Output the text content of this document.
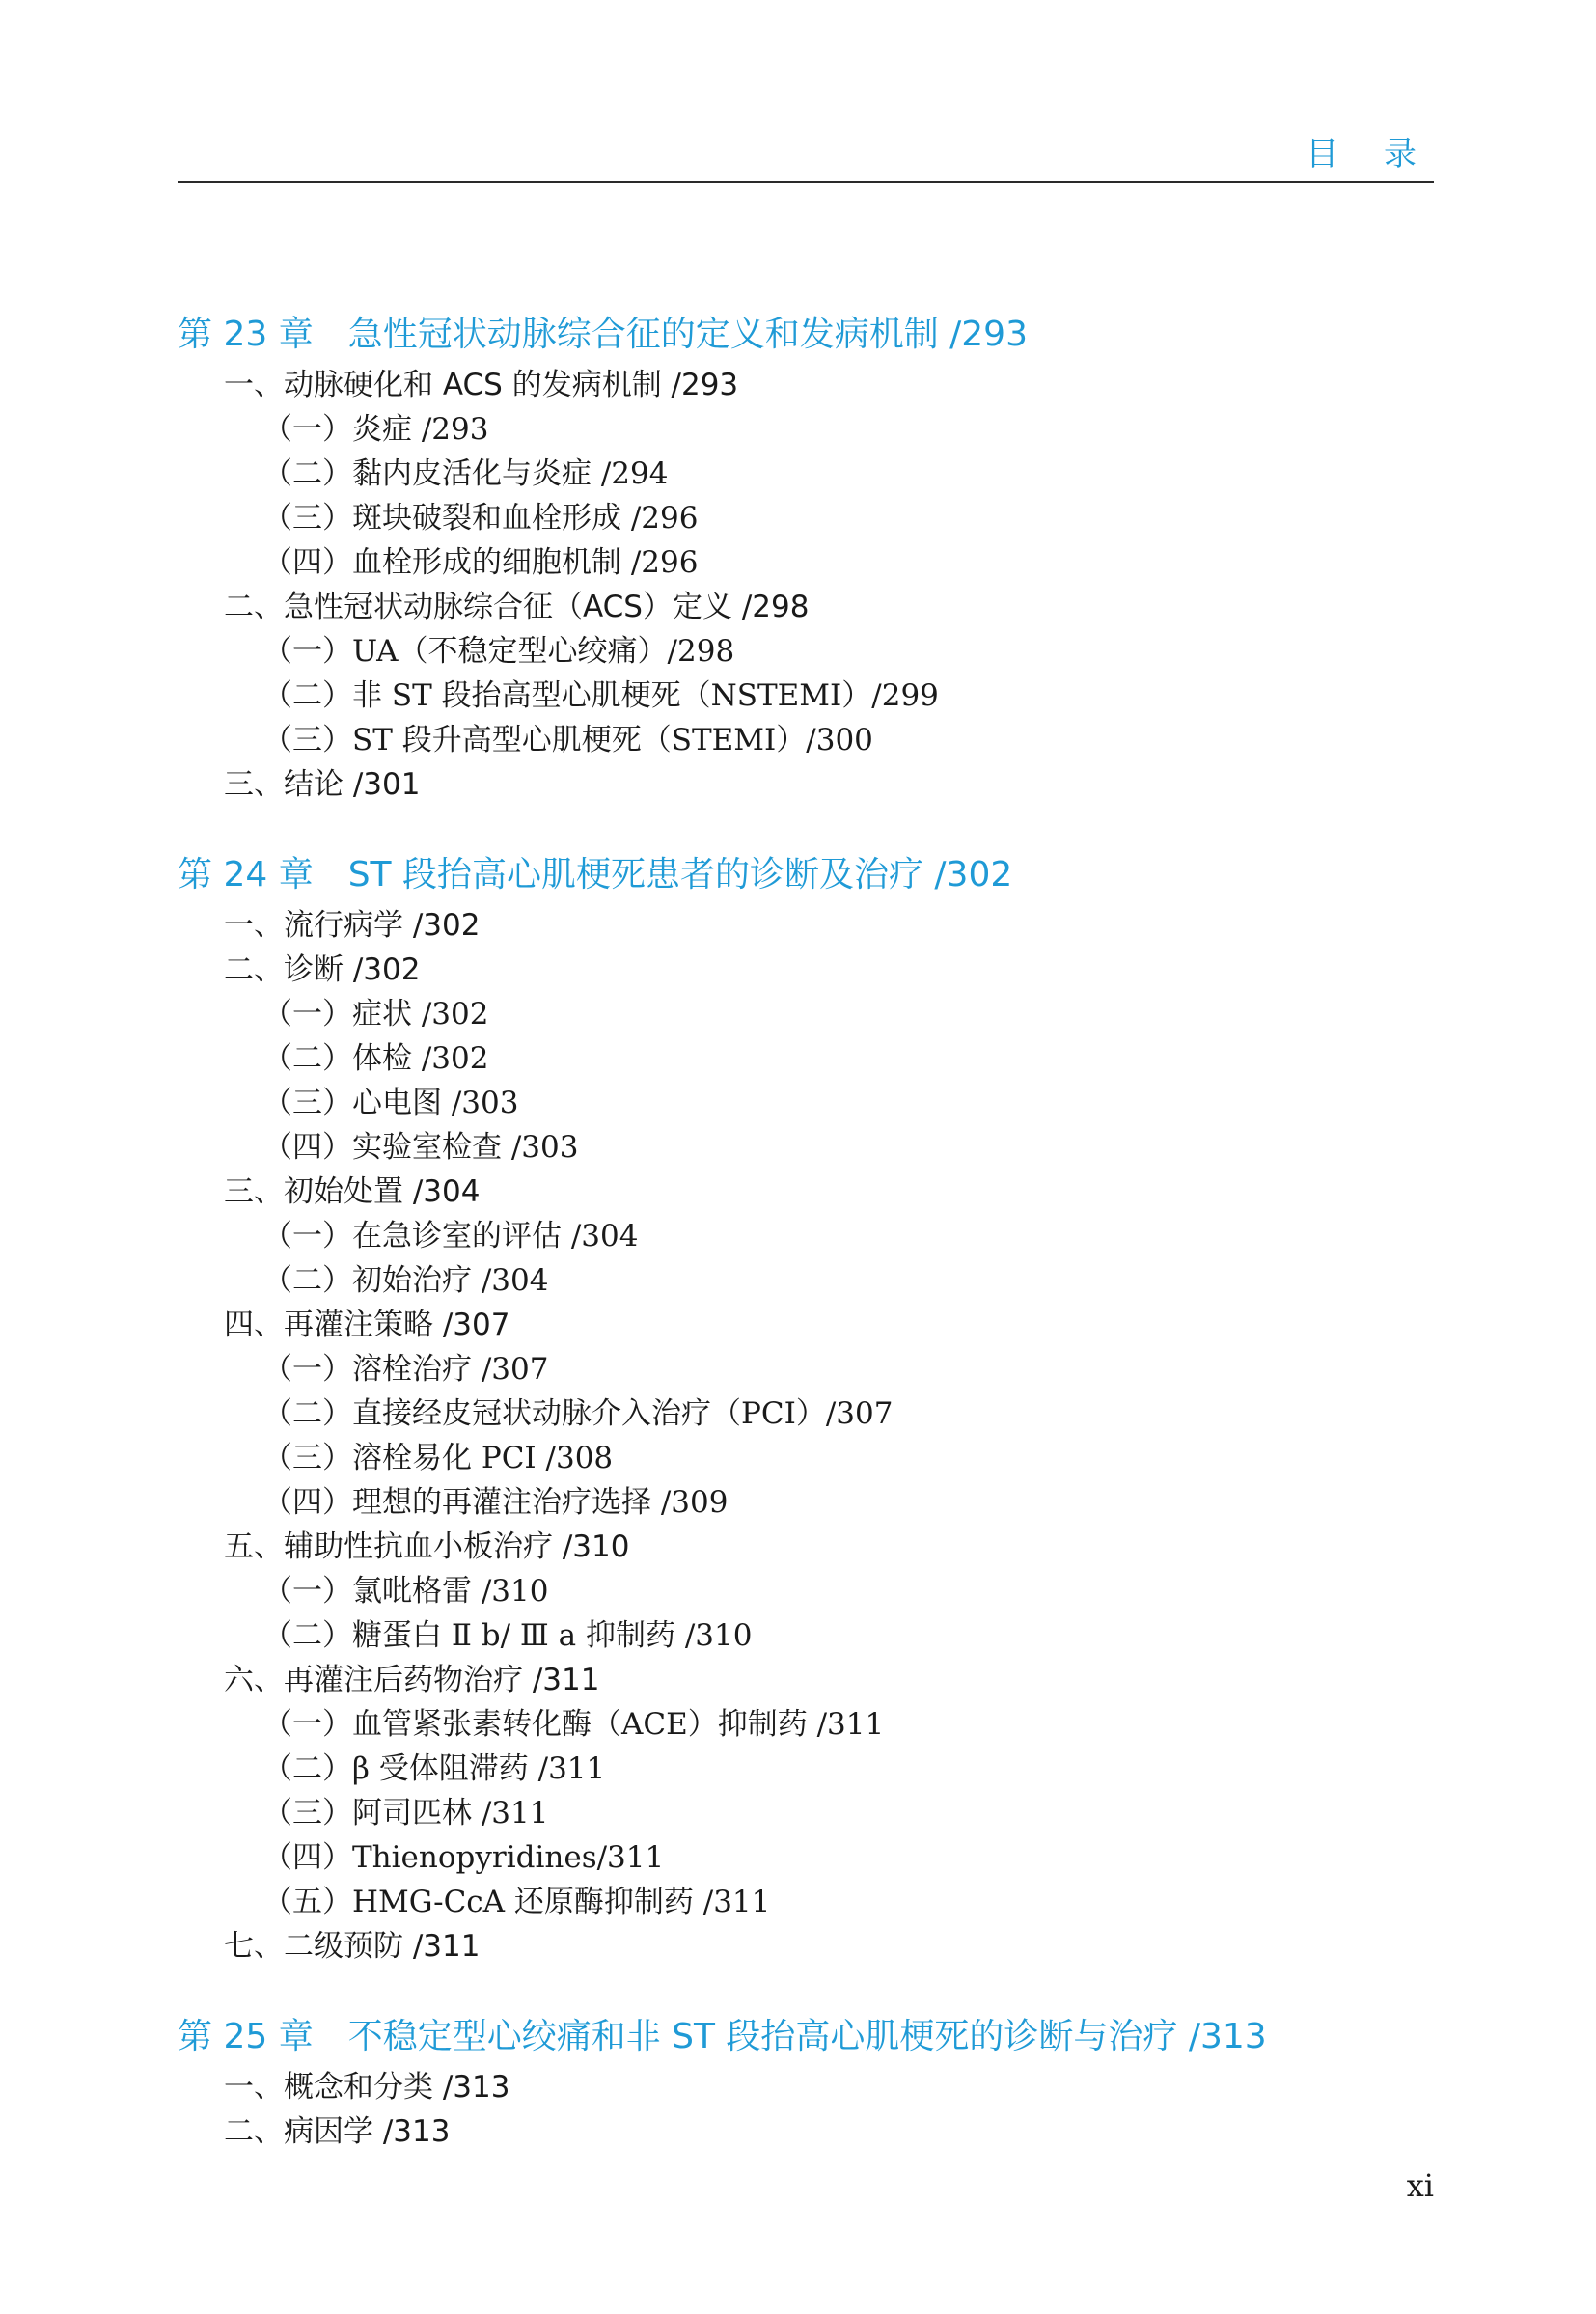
目 录
第 23 章　急性冠状动脉综合征的定义和发病机制 /293
一、动脉硬化和 ACS 的发病机制 /293
（一）炎症 /293
（二）黏内皮活化与炎症 /294
（三）斑块破裂和血栓形成 /296
（四）血栓形成的细胞机制 /296
二、急性冠状动脉综合征（ACS）定义 /298
（一）UA（不稳定型心绞痛）/298
（二）非 ST 段抬高型心肌梗死（NSTEMI）/299
（三）ST 段升高型心肌梗死（STEMI）/300
三、结论 /301
第 24 章　ST 段抬高心肌梗死患者的诊断及治疗 /302
一、流行病学 /302
二、诊断 /302
（一）症状 /302
（二）体检 /302
（三）心电图 /303
（四）实验室检查 /303
三、初始处置 /304
（一）在急诊室的评估 /304
（二）初始治疗 /304
四、再灌注策略 /307
（一）溶栓治疗 /307
（二）直接经皮冠状动脉介入治疗（PCI）/307
（三）溶栓易化 PCI /308
（四）理想的再灌注治疗选择 /309
五、辅助性抗血小板治疗 /310
（一）氯吡格雷 /310
（二）糖蛋白 Ⅱ b/ Ⅲ a 抑制药 /310
六、再灌注后药物治疗 /311
（一）血管紧张素转化酶（ACE）抑制药 /311
（二）β 受体阻滞药 /311
（三）阿司匹林 /311
（四）Thienopyridines/311
（五）HMG-CcA 还原酶抑制药 /311
七、二级预防 /311
第 25 章　不稳定型心绞痛和非 ST 段抬高心肌梗死的诊断与治疗 /313
一、概念和分类 /313
二、病因学 /313
xi
